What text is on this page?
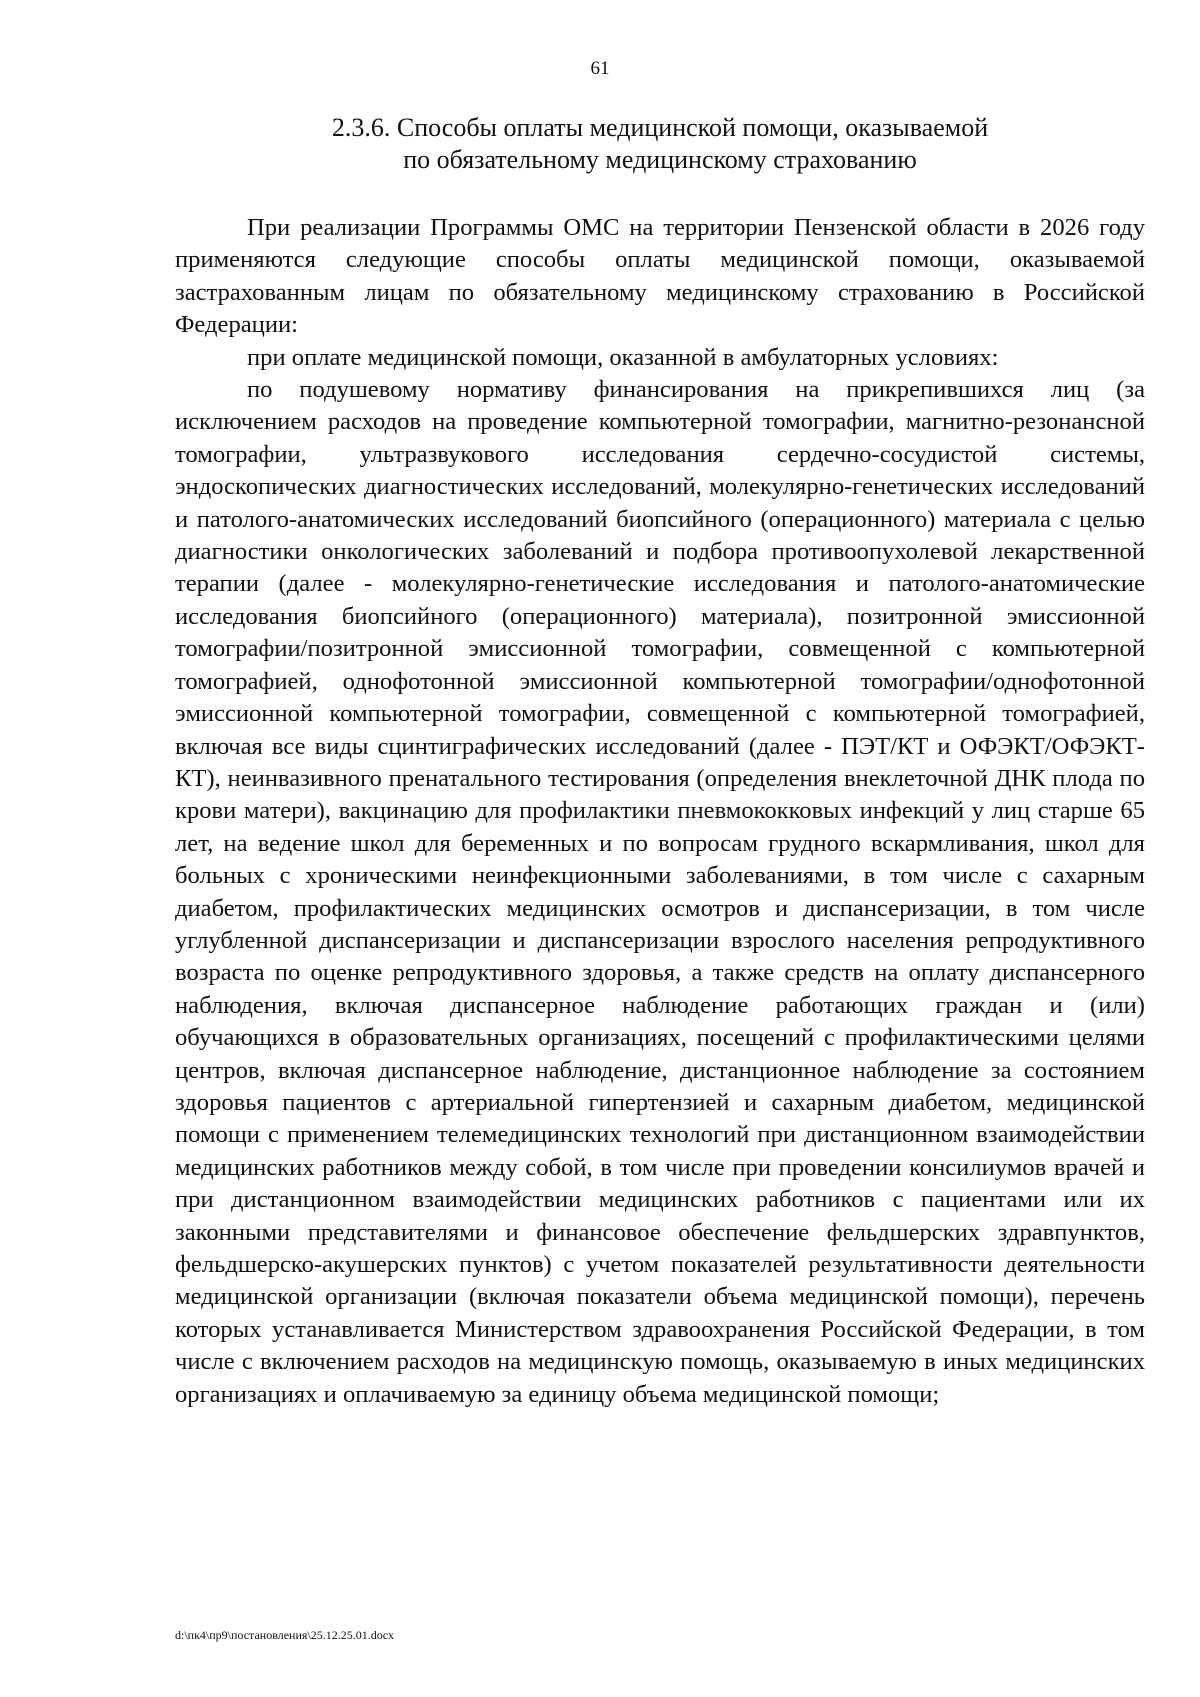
61
2.3.6. Способы оплаты медицинской помощи, оказываемой
по обязательному медицинскому страхованию

При реализации Программы ОМС на территории Пензенской области в 2026 году применяются следующие способы оплаты медицинской помощи, оказываемой застрахованным лицам по обязательному медицинскому страхованию в Российской Федерации:

при оплате медицинской помощи, оказанной в амбулаторных условиях:

по подушевому нормативу финансирования на прикрепившихся лиц (за исключением расходов на проведение компьютерной томографии, магнитно-резонансной томографии, ультразвукового исследования сердечно-сосудистой системы, эндоскопических диагностических исследований, молекулярно-генетических исследований и патолого-анатомических исследований биопсийного (операционного) материала с целью диагностики онкологических заболеваний и подбора противоопухолевой лекарственной терапии (далее - молекулярно-генетические исследования и патолого-анатомические исследования биопсийного (операционного) материала), позитронной эмиссионной томографии/позитронной эмиссионной томографии, совмещенной с компьютерной томографией, однофотонной эмиссионной компьютерной томографии/однофотонной эмиссионной компьютерной томографии, совмещенной с компьютерной томографией, включая все виды сцинтиграфических исследований (далее - ПЭТ/КТ и ОФЭКТ/ОФЭКТ-КТ), неинвазивного пренатального тестирования (определения внеклеточной ДНК плода по крови матери), вакцинацию для профилактики пневмококковых инфекций у лиц старше 65 лет, на ведение школ для беременных и по вопросам грудного вскармливания, школ для больных с хроническими неинфекционными заболеваниями, в том числе с сахарным диабетом, профилактических медицинских осмотров и диспансеризации, в том числе углубленной диспансеризации и диспансеризации взрослого населения репродуктивного возраста по оценке репродуктивного здоровья, а также средств на оплату диспансерного наблюдения, включая диспансерное наблюдение работающих граждан и (или) обучающихся в образовательных организациях, посещений с профилактическими целями центров, включая диспансерное наблюдение, дистанционное наблюдение за состоянием здоровья пациентов с артериальной гипертензией и сахарным диабетом, медицинской помощи с применением телемедицинских технологий при дистанционном взаимодействии медицинских работников между собой, в том числе при проведении консилиумов врачей и при дистанционном взаимодействии медицинских работников с пациентами или их законными представителями и финансовое обеспечение фельдшерских здравпунктов, фельдшерско-акушерских пунктов) с учетом показателей результативности деятельности медицинской организации (включая показатели объема медицинской помощи), перечень которых устанавливается Министерством здравоохранения Российской Федерации, в том числе с включением расходов на медицинскую помощь, оказываемую в иных медицинских организациях и оплачиваемую за единицу объема медицинской помощи;

d:\пк4\пр9\постановления\25.12.25.01.docx
